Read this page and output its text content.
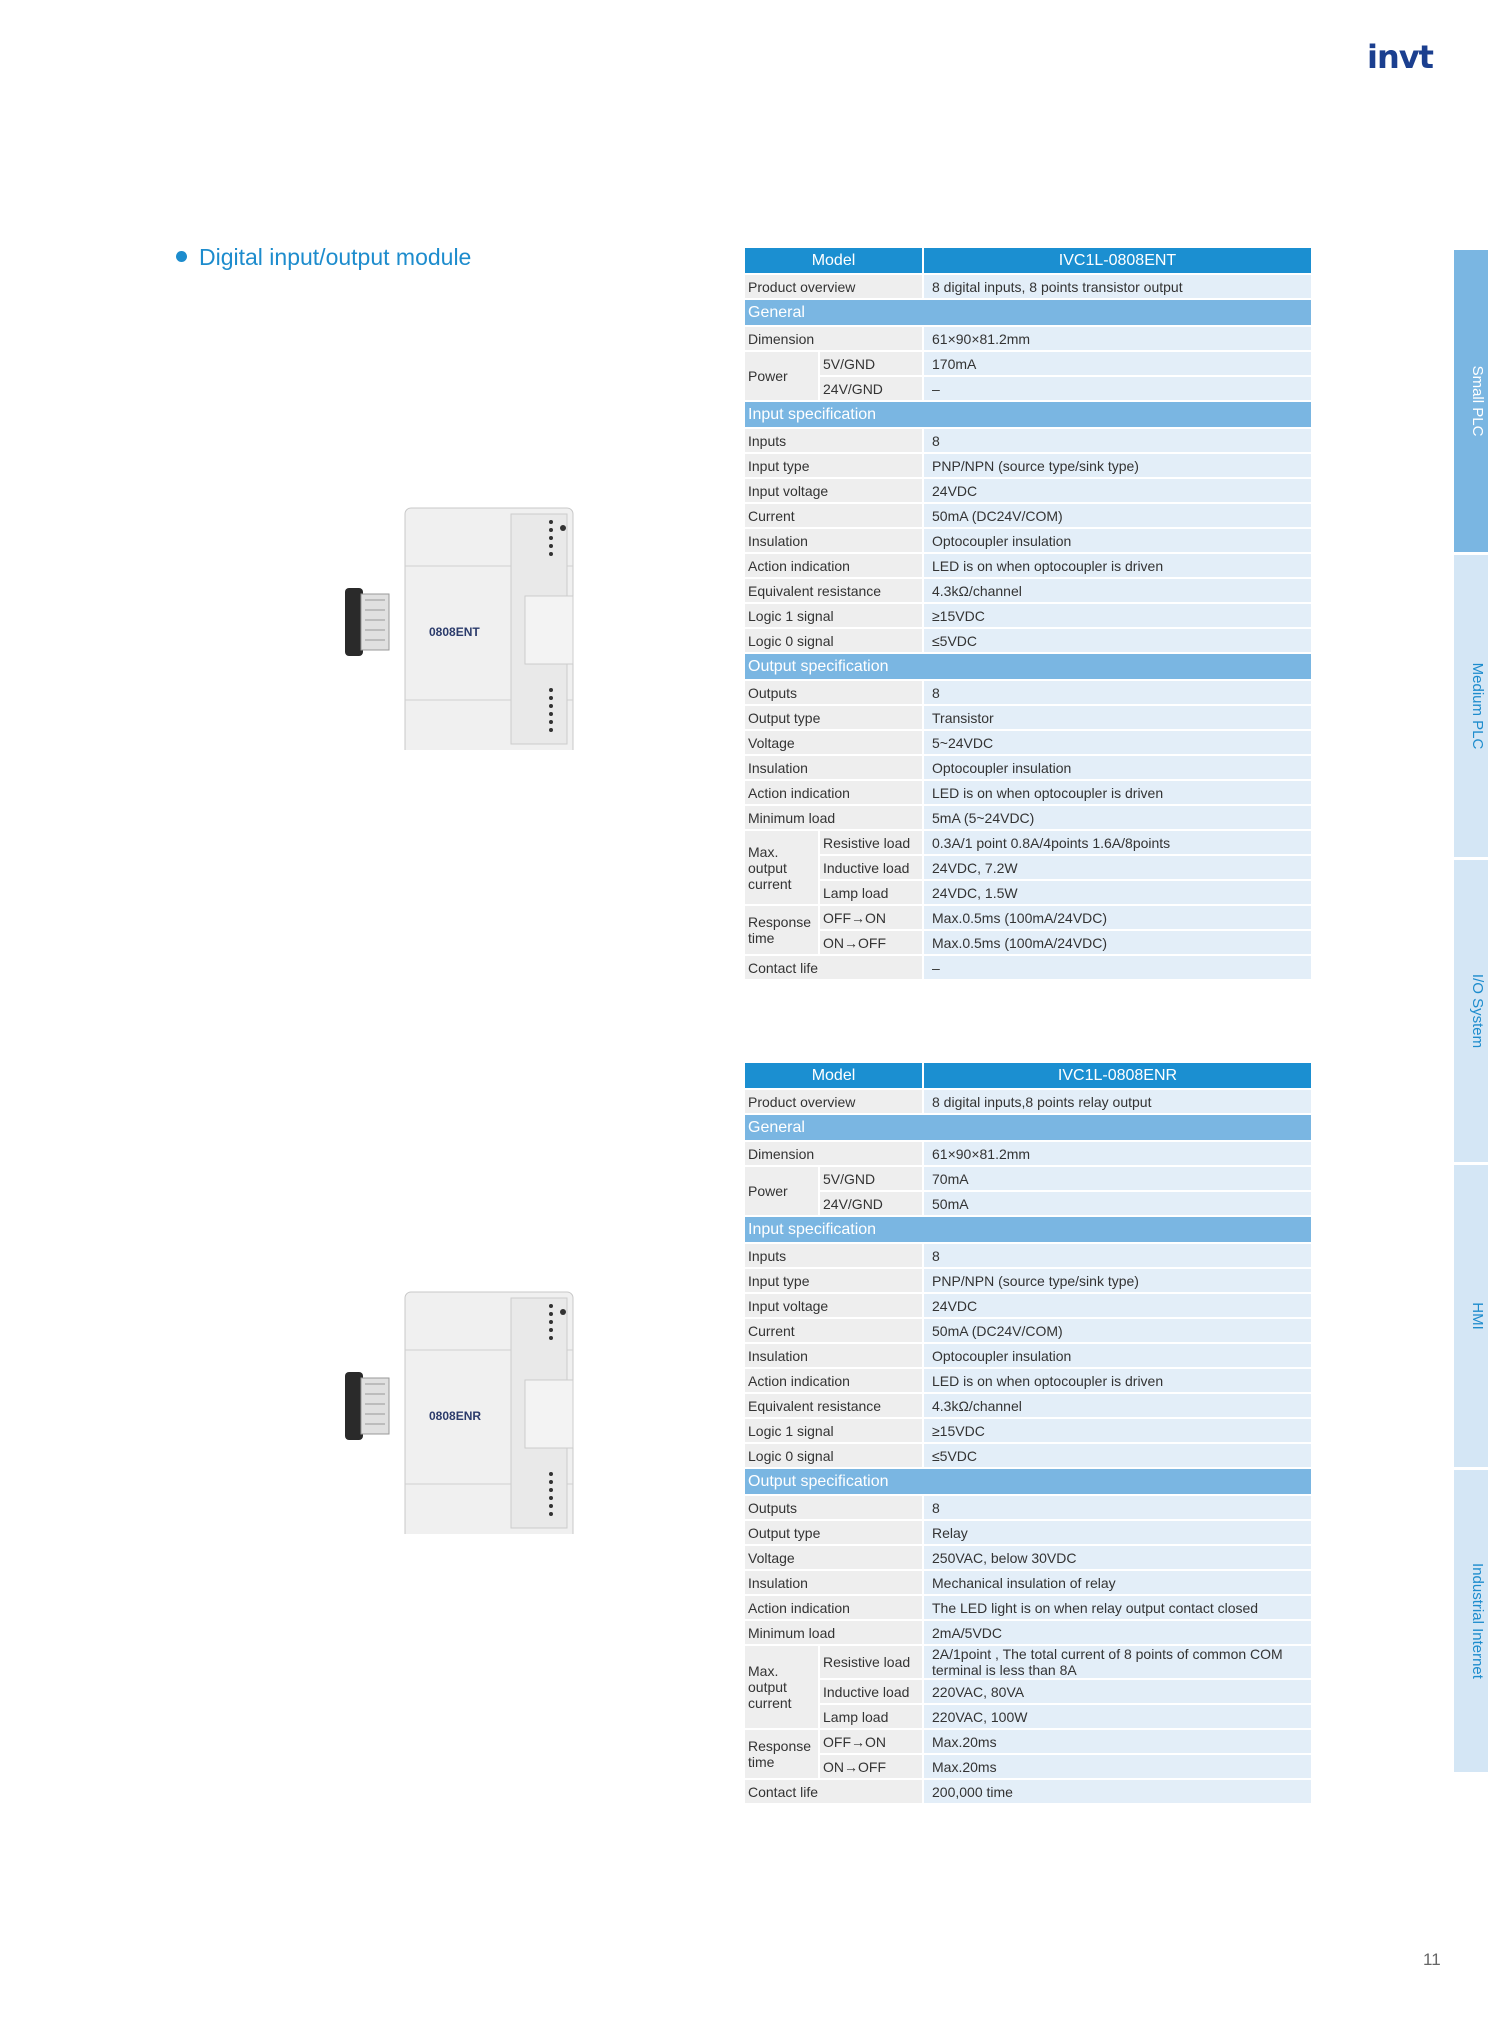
invt
Digital input/output module
0808ENT
0808ENR
Model		IVC1L-0808ENT
Product overview		8 digital inputs, 8 points transistor output
General		
Dimension		61×90×81.2mm
Power	5V/GND	170mA
	24V/GND	–
Input specification		
Inputs		8
Input type		PNP/NPN (source type/sink type)
Input voltage		24VDC
Current		50mA (DC24V/COM)
Insulation		Optocoupler insulation
Action indication		LED is on when optocoupler is driven
Equivalent resistance		4.3kΩ/channel
Logic 1 signal		≥15VDC
Logic 0 signal		≤5VDC
Output specification		
Outputs		8
Output type		Transistor
Voltage		5~24VDC
Insulation		Optocoupler insulation
Action indication		LED is on when optocoupler is driven
Minimum load		5mA (5~24VDC)
Max. output current	Resistive load	0.3A/1 point 0.8A/4points 1.6A/8points
	Inductive load	24VDC, 7.2W
	Lamp load	24VDC, 1.5W
Response time	OFF→ON	Max.0.5ms (100mA/24VDC)
	ON→OFF	Max.0.5ms (100mA/24VDC)
Contact life		–
Model		IVC1L-0808ENR
Product overview		8 digital inputs,8 points relay output
General		
Dimension		61×90×81.2mm
Power	5V/GND	70mA
	24V/GND	50mA
Input specification		
Inputs		8
Input type		PNP/NPN (source type/sink type)
Input voltage		24VDC
Current		50mA (DC24V/COM)
Insulation		Optocoupler insulation
Action indication		LED is on when optocoupler is driven
Equivalent resistance		4.3kΩ/channel
Logic 1 signal		≥15VDC
Logic 0 signal		≤5VDC
Output specification		
Outputs		8
Output type		Relay
Voltage		250VAC, below 30VDC
Insulation		Mechanical insulation of relay
Action indication		The LED light is on when relay output contact closed
Minimum load		2mA/5VDC
Max. output current	Resistive load	2A/1point , The total current of 8 points of common COM terminal is less than 8A
	Inductive load	220VAC, 80VA
	Lamp load	220VAC, 100W
Response time	OFF→ON	Max.20ms
	ON→OFF	Max.20ms
Contact life		200,000 time
Small PLC
Medium PLC
I/O System
HMI
Industrial Internet
11
